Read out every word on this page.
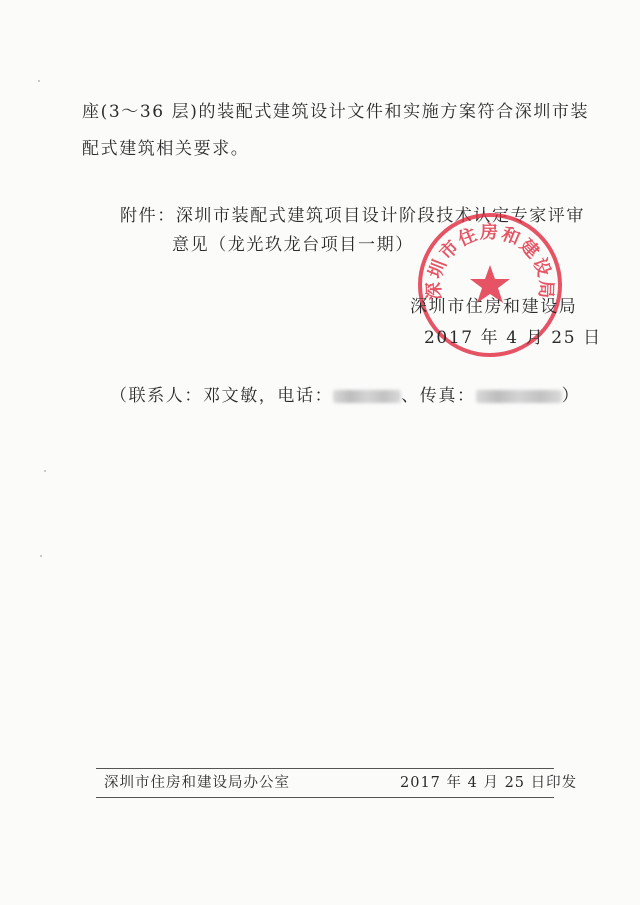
座(3～36 层)的装配式建筑设计文件和实施方案符合深圳市装
配式建筑相关要求。
附件：深圳市装配式建筑项目设计阶段技术认定专家评审
意见（龙光玖龙台项目一期）
深圳市住房和建设局
深圳市住房和建设局
2017 年 4 月 25 日
（联系人：邓文敏，电话：	、传真：	）
深圳市住房和建设局办公室	2017 年 4 月 25 日印发
